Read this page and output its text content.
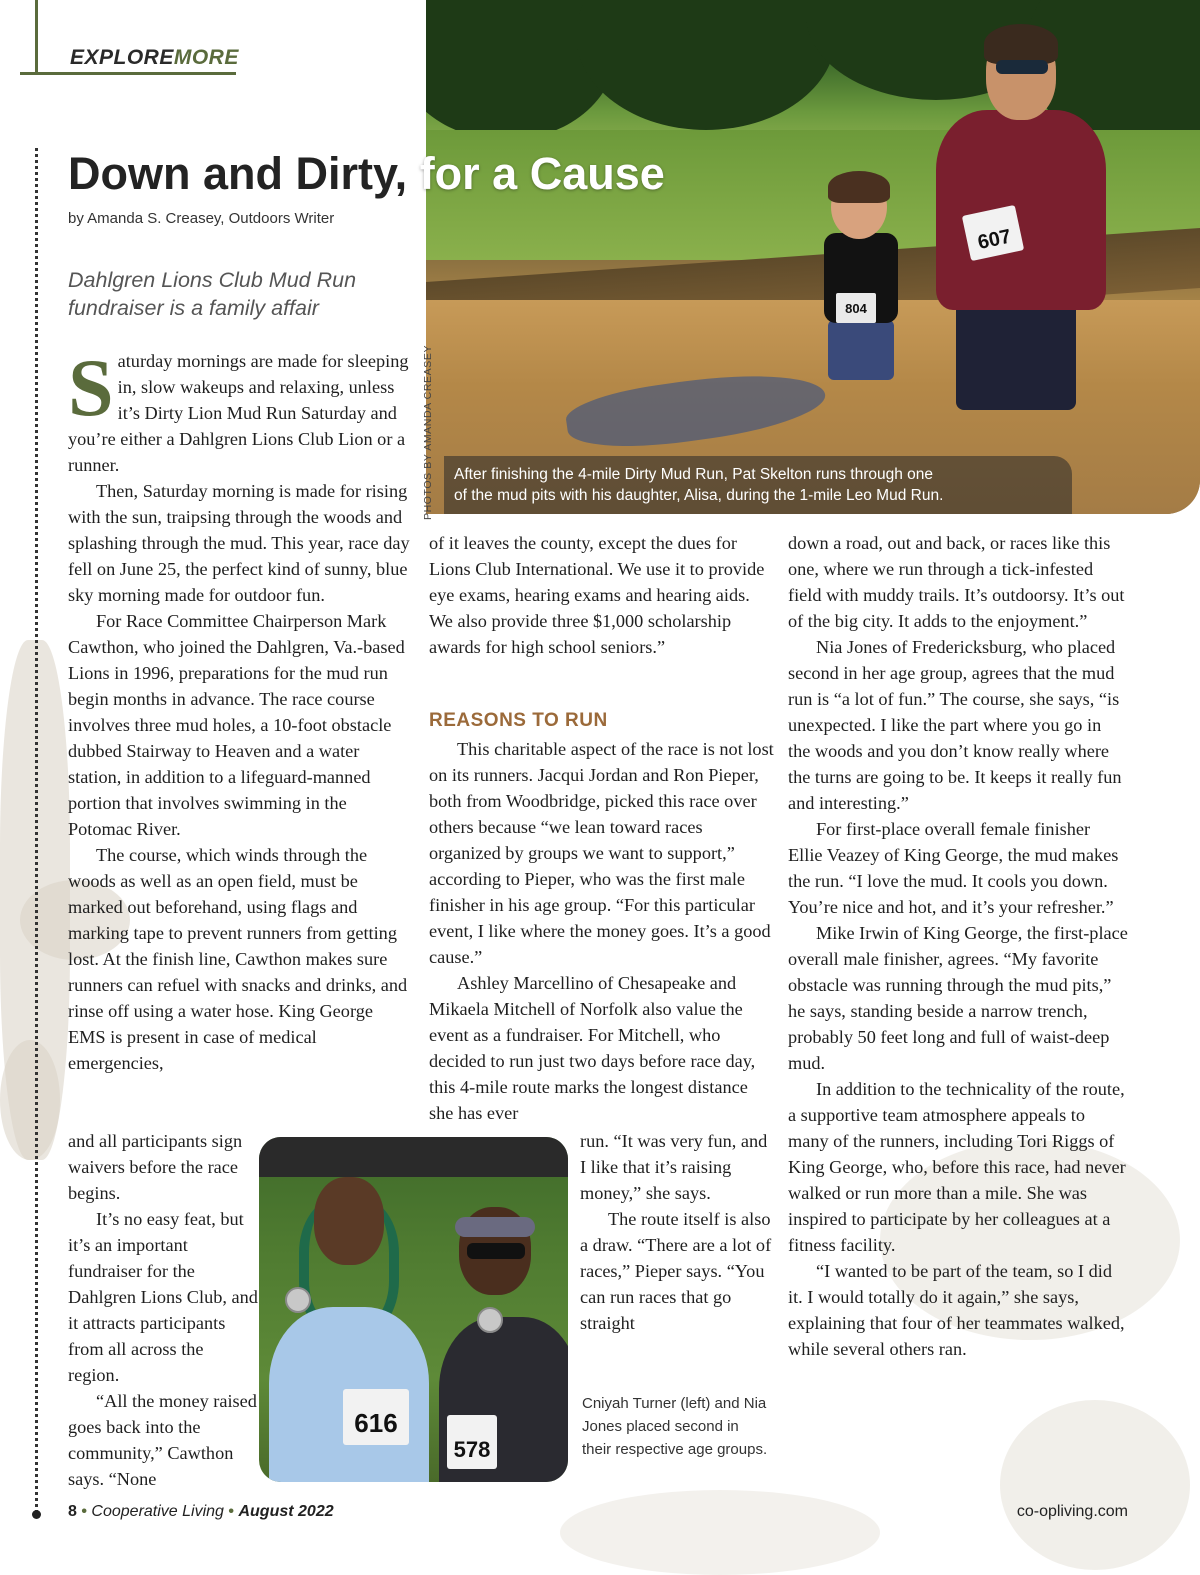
EXPLOREMORE
804
607
After finishing the 4-mile Dirty Mud Run, Pat Skelton runs through one
of the mud pits with his daughter, Alisa, during the 1-mile Leo Mud Run.
PHOTOS BY AMANDA CREASEY
Down and Dirty, for a Cause
by Amanda S. Creasey, Outdoors Writer
Dahlgren Lions Club Mud Run fundraiser is a family affair

Saturday mornings are made for sleeping in, slow wakeups and relaxing, unless it’s Dirty Lion Mud Run Saturday and you’re either a Dahlgren Lions Club Lion or a runner.

Then, Saturday morning is made for rising with the sun, traipsing through the woods and splashing through the mud. This year, race day fell on June 25, the perfect kind of sunny, blue sky morning made for outdoor fun.

For Race Committee Chairperson Mark Cawthon, who joined the Dahlgren, Va.-based Lions in 1996, preparations for the mud run begin months in advance. The race course involves three mud holes, a 10-foot obstacle dubbed Stairway to Heaven and a water station, in addition to a lifeguard-manned portion that involves swimming in the Potomac River.

The course, which winds through the woods as well as an open field, must be marked out beforehand, using flags and marking tape to prevent runners from getting lost. At the finish line, Cawthon makes sure runners can refuel with snacks and drinks, and rinse off using a water hose. King George EMS is present in case of medical emergencies,

and all participants sign waivers before the race begins.

It’s no easy feat, but it’s an important fundraiser for the Dahlgren Lions Club, and it attracts participants from all across the region.

“All the money raised goes back into the community,” Cawthon says. “None

of it leaves the county, except the dues for Lions Club International. We use it to provide eye exams, hearing exams and hearing aids. We also provide three $1,000 scholarship awards for high school seniors.”

REASONS TO RUN

This charitable aspect of the race is not lost on its runners. Jacqui Jordan and Ron Pieper, both from Woodbridge, picked this race over others because “we lean toward races organized by groups we want to support,” according to Pieper, who was the first male finisher in his age group. “For this particular event, I like where the money goes. It’s a good cause.”

Ashley Marcellino of Chesapeake and Mikaela Mitchell of Norfolk also value the event as a fundraiser. For Mitchell, who decided to run just two days before race day, this 4-mile route marks the longest distance she has ever

run. “It was very fun, and I like that it’s raising money,” she says.

The route itself is also a draw. “There are a lot of races,” Pieper says. “You can run races that go straight

down a road, out and back, or races like this one, where we run through a tick-infested field with muddy trails. It’s outdoorsy. It’s out of the big city. It adds to the enjoyment.”

Nia Jones of Fredericksburg, who placed second in her age group, agrees that the mud run is “a lot of fun.” The course, she says, “is unexpected. I like the part where you go in the woods and you don’t know really where the turns are going to be. It keeps it really fun and interesting.”

For first-place overall female finisher Ellie Veazey of King George, the mud makes the run. “I love the mud. It cools you down. You’re nice and hot, and it’s your refresher.”

Mike Irwin of King George, the first-place overall male finisher, agrees. “My favorite obstacle was running through the mud pits,” he says, standing beside a narrow trench, probably 50 feet long and full of waist-deep mud.

In addition to the technicality of the route, a supportive team atmosphere appeals to many of the runners, including Tori Riggs of King George, who, before this race, had never walked or run more than a mile. She was inspired to participate by her colleagues at a fitness facility.

“I wanted to be part of the team, so I did it. I would totally do it again,” she says, explaining that four of her teammates walked, while several others ran.

616
578
Cniyah Turner (left) and Nia Jones placed second in their respective age groups.
8 • Cooperative Living • August 2022	co-opliving.com
